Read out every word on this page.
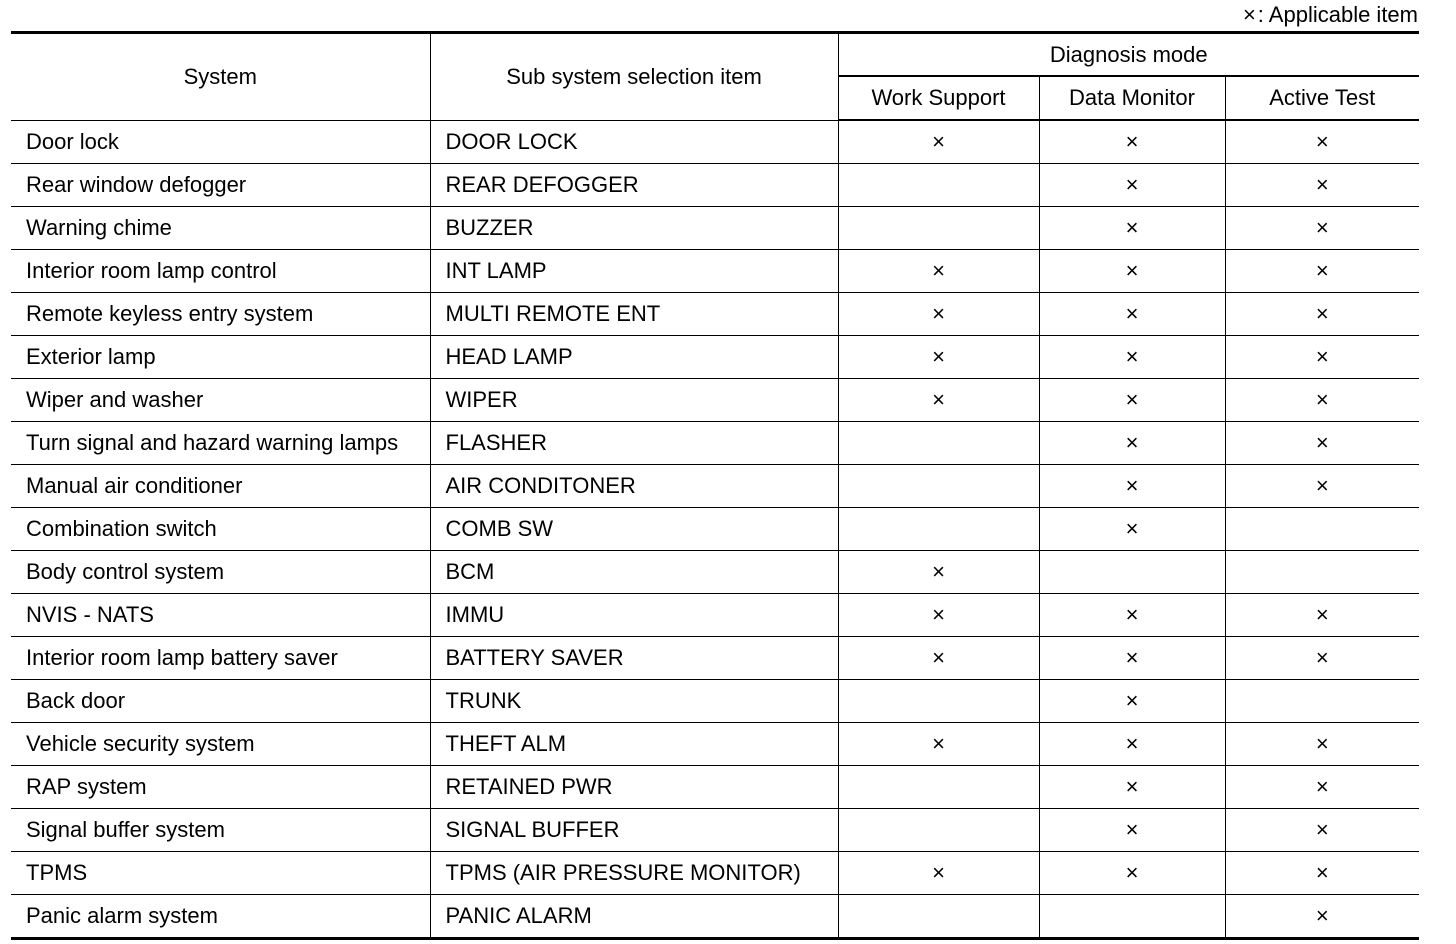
×: Applicable item
System	Sub system selection item	Diagnosis mode		
		Work Support	Data Monitor	Active Test
Door lock	DOOR LOCK	×	×	×
Rear window defogger	REAR DEFOGGER		×	×
Warning chime	BUZZER		×	×
Interior room lamp control	INT LAMP	×	×	×
Remote keyless entry system	MULTI REMOTE ENT	×	×	×
Exterior lamp	HEAD LAMP	×	×	×
Wiper and washer	WIPER	×	×	×
Turn signal and hazard warning lamps	FLASHER		×	×
Manual air conditioner	AIR CONDITONER		×	×
Combination switch	COMB SW		×	
Body control system	BCM	×		
NVIS - NATS	IMMU	×	×	×
Interior room lamp battery saver	BATTERY SAVER	×	×	×
Back door	TRUNK		×	
Vehicle security system	THEFT ALM	×	×	×
RAP system	RETAINED PWR		×	×
Signal buffer system	SIGNAL BUFFER		×	×
TPMS	TPMS (AIR PRESSURE MONITOR)	×	×	×
Panic alarm system	PANIC ALARM			×
